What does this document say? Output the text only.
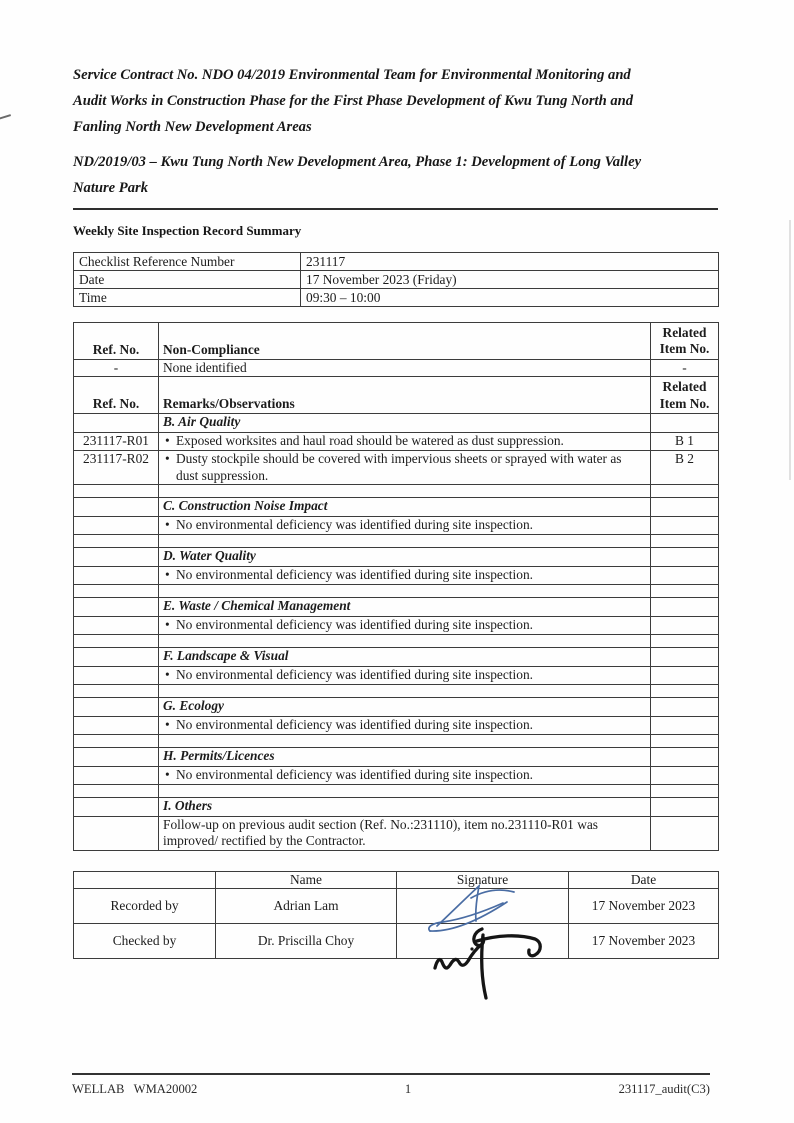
Service Contract No. NDO 04/2019 Environmental Team for Environmental Monitoring and
Audit Works in Construction Phase for the First Phase Development of Kwu Tung North and
Fanling North New Development Areas
ND/2019/03 – Kwu Tung North New Development Area, Phase 1: Development of Long Valley
Nature Park
Weekly Site Inspection Record Summary
Checklist Reference Number	231117
Date	17 November 2023 (Friday)
Time	09:30 – 10:00
Ref. No.	Non-Compliance	Related
Item No.

-	None identified	-
Ref. No.	Remarks/Observations	Related
Item No.

	B. Air Quality	
231117-R01	• Exposed worksites and haul road should be watered as dust suppression.	B 1
231117-R02	• Dusty stockpile should be covered with impervious sheets or sprayed with water as dust suppression.	B 2

	C. Construction Noise Impact	

	• No environmental deficiency was identified during site inspection.

	D. Water Quality	

	• No environmental deficiency was identified during site inspection.

	E. Waste / Chemical Management	

	• No environmental deficiency was identified during site inspection.

	F. Landscape & Visual	

	• No environmental deficiency was identified during site inspection.

	G. Ecology	

	• No environmental deficiency was identified during site inspection.

	H. Permits/Licences	

	• No environmental deficiency was identified during site inspection.

	I. Others	
	Follow-up on previous audit section (Ref. No.:231110), item no.231110-R01 was improved/ rectified by the Contractor.	
	Name	Signature	Date
Recorded by	Adrian Lam		17 November 2023
Checked by	Dr. Priscilla Choy		17 November 2023
WELLAB   WMA20002	1	231117_audit(C3)
